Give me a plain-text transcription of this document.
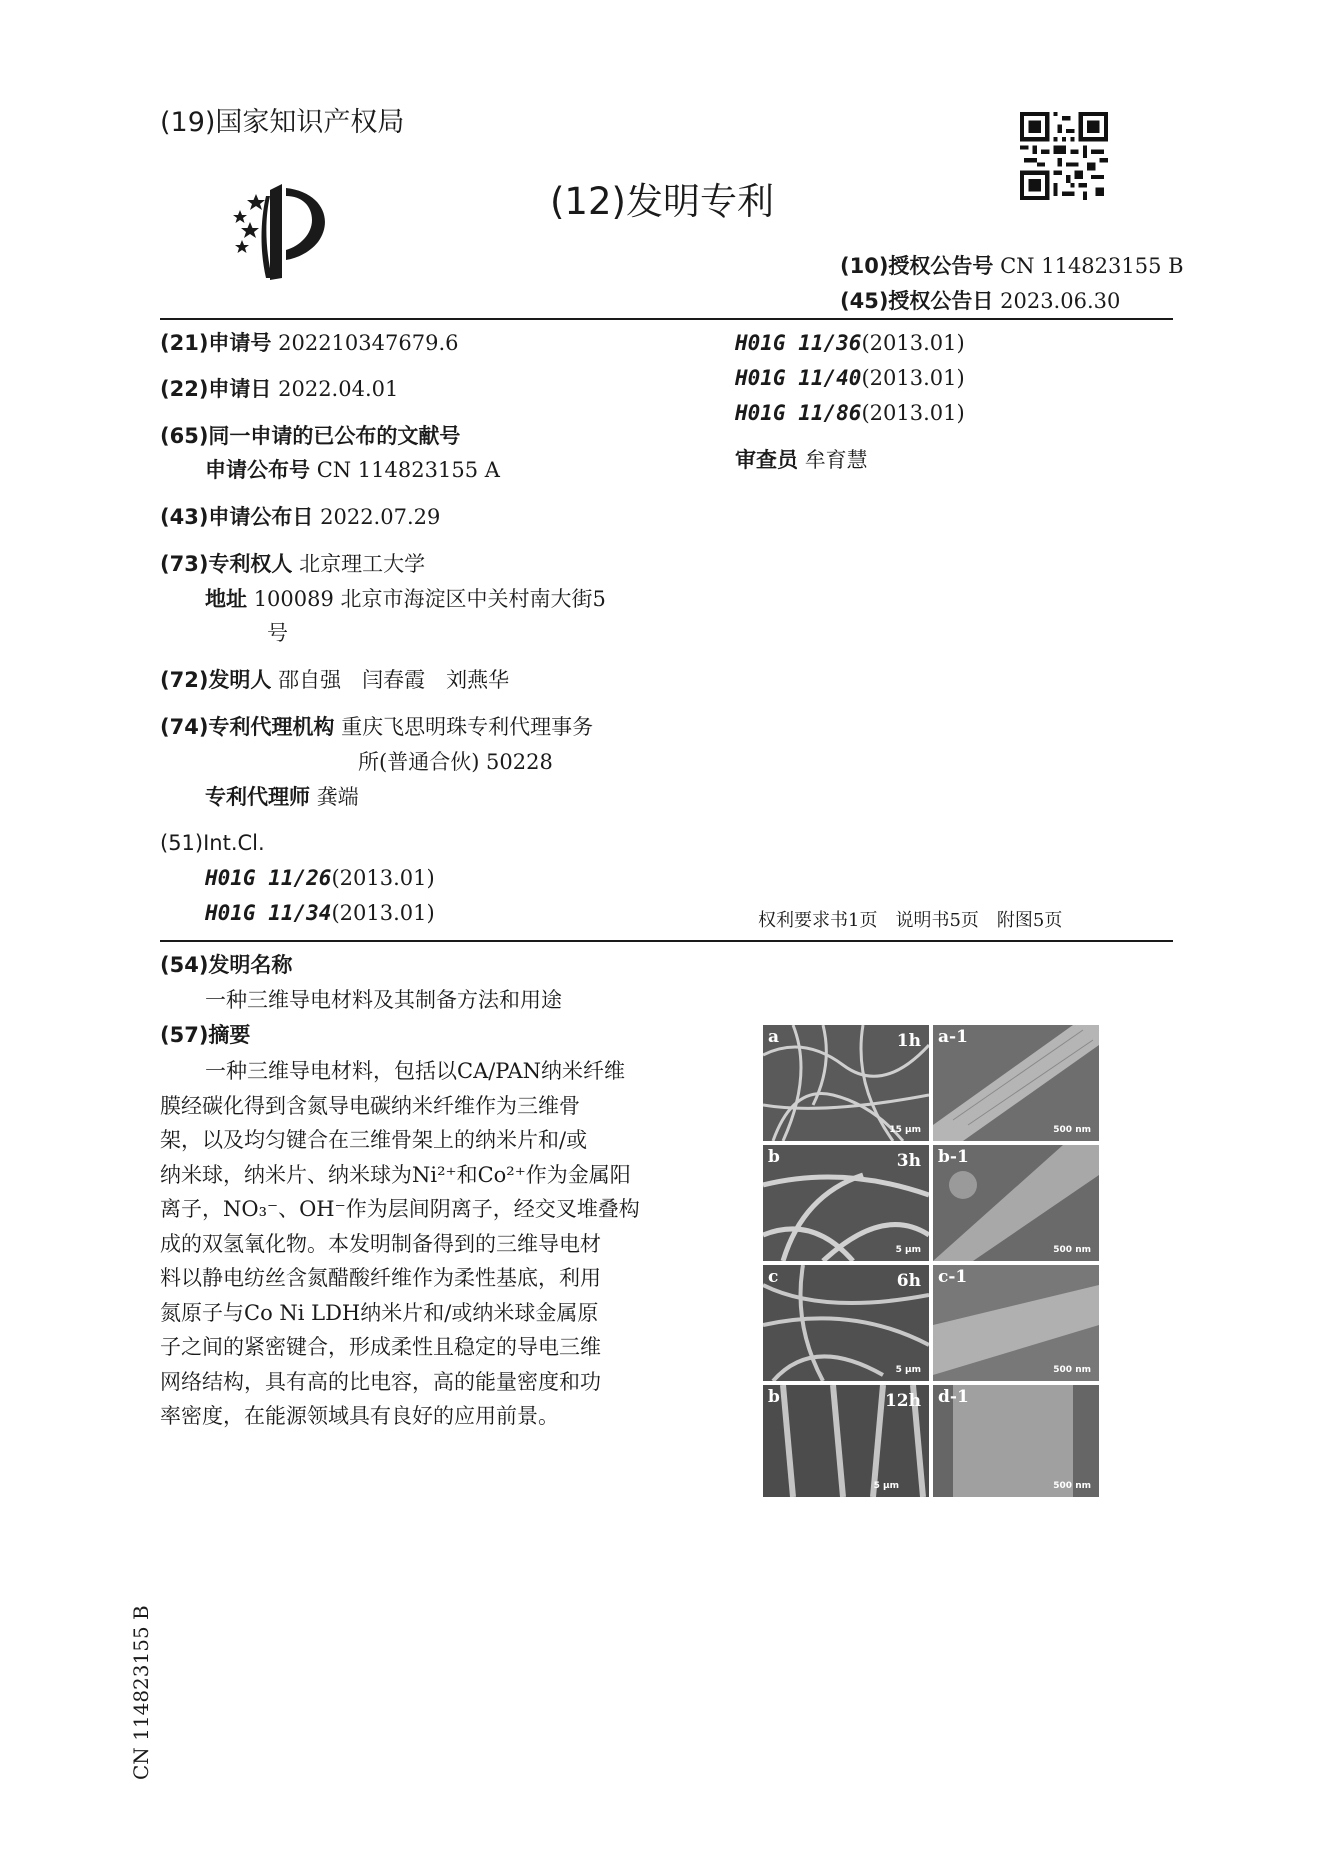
(19)国家知识产权局
(12)发明专利
(10)授权公告号 CN 114823155 B
(45)授权公告日 2023.06.30
(21)申请号 202210347679.6
(22)申请日 2022.04.01
(65)同一申请的已公布的文献号
申请公布号 CN 114823155 A
(43)申请公布日 2022.07.29
(73)专利权人 北京理工大学
地址 100089 北京市海淀区中关村南大街5
号
(72)发明人 邵自强　闫春霞　刘燕华
(74)专利代理机构 重庆飞思明珠专利代理事务
所(普通合伙) 50228
专利代理师 龚端
(51)Int.Cl.
H01G 11/26(2013.01)
H01G 11/34(2013.01)
H01G 11/36(2013.01)
H01G 11/40(2013.01)
H01G 11/86(2013.01)
审查员 牟育慧
权利要求书1页　说明书5页　附图5页
(54)发明名称
一种三维导电材料及其制备方法和用途
(57)摘要

一种三维导电材料，包括以CA/PAN纳米纤维

膜经碳化得到含氮导电碳纳米纤维作为三维骨

架，以及均匀键合在三维骨架上的纳米片和/或

纳米球，纳米片、纳米球为Ni²⁺和Co²⁺作为金属阳

离子，NO₃⁻、OH⁻作为层间阴离子，经交叉堆叠构

成的双氢氧化物。本发明制备得到的三维导电材

料以静电纺丝含氮醋酸纤维作为柔性基底，利用

氮原子与Co Ni LDH纳米片和/或纳米球金属原

子之间的紧密键合，形成柔性且稳定的导电三维

网络结构，具有高的比电容，高的能量密度和功

率密度，在能源领域具有良好的应用前景。

a	1h
15 μm
a-1
500 nm
b	3h
5 μm
b-1
500 nm
c	6h
5 μm
c-1
500 nm
b	12h
5 μm
d-1
500 nm
CN 114823155 B
